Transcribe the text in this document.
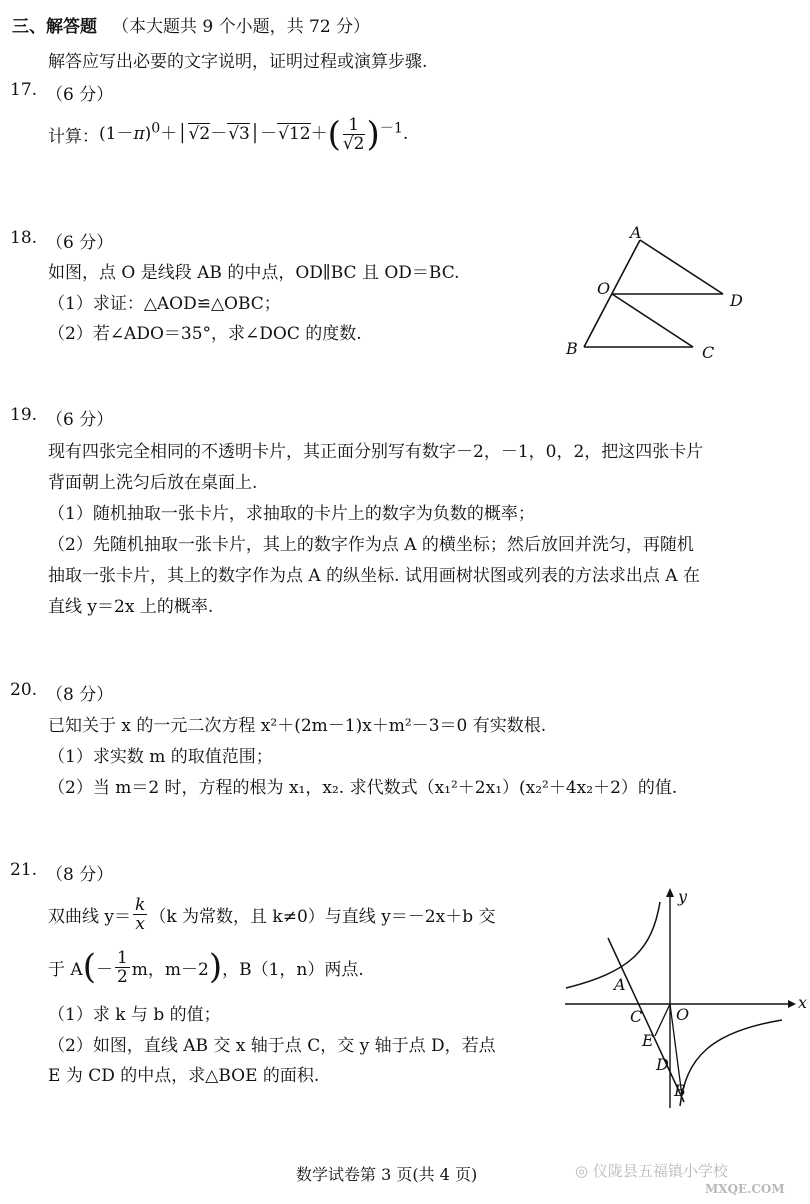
三、解答题 （本大题共 9 个小题，共 72 分）
解答应写出必要的文字说明，证明过程或演算步骤.
17. （6 分）
计算： $(1-\pi)^0+│√2-√3│-√12+( \frac{1}{√2} )^{-1}$.
18. （6 分）
如图，点 O 是线段 AB 的中点，OD∥BC 且 OD＝BC.
（1）求证：△AOD≌△OBC；
（2）若∠ADO＝35°，求∠DOC 的度数.
A
O
D
B	C
19. （6 分）
现有四张完全相同的不透明卡片，其正面分别写有数字－2，－1，0，2，把这四张卡片
背面朝上洗匀后放在桌面上.
（1）随机抽取一张卡片，求抽取的卡片上的数字为负数的概率；
（2）先随机抽取一张卡片，其上的数字作为点 A 的横坐标；然后放回并洗匀，再随机
抽取一张卡片，其上的数字作为点 A 的纵坐标. 试用画树状图或列表的方法求出点 A 在
直线 y＝2x 上的概率.
20. （8 分）
已知关于 x 的一元二次方程 x²＋(2m－1)x＋m²－3＝0 有实数根.
（1）求实数 m 的取值范围；
（2）当 m＝2 时，方程的根为 x₁，x₂. 求代数式（x₁²＋2x₁）(x₂²＋4x₂＋2）的值.
21. （8 分）
双曲线 $y= \frac{k}{x} (k$ 为常数，且 k≠0）与直线 y＝－2x＋b 交
于 A ( － $\frac{1}{2}$ m，m－2 ) ，B（1，n）两点.
（1）求 k 与 b 的值；
（2）如图，直线 AB 交 x 轴于点 C，交 y 轴于点 D，若点
E 为 CD 的中点，求△BOE 的面积.
y
x
A
C O
E
D
B
数学试卷第 3 页(共 4 页)	◎ 仪陇县五福镇小学校
MXQE.COM
